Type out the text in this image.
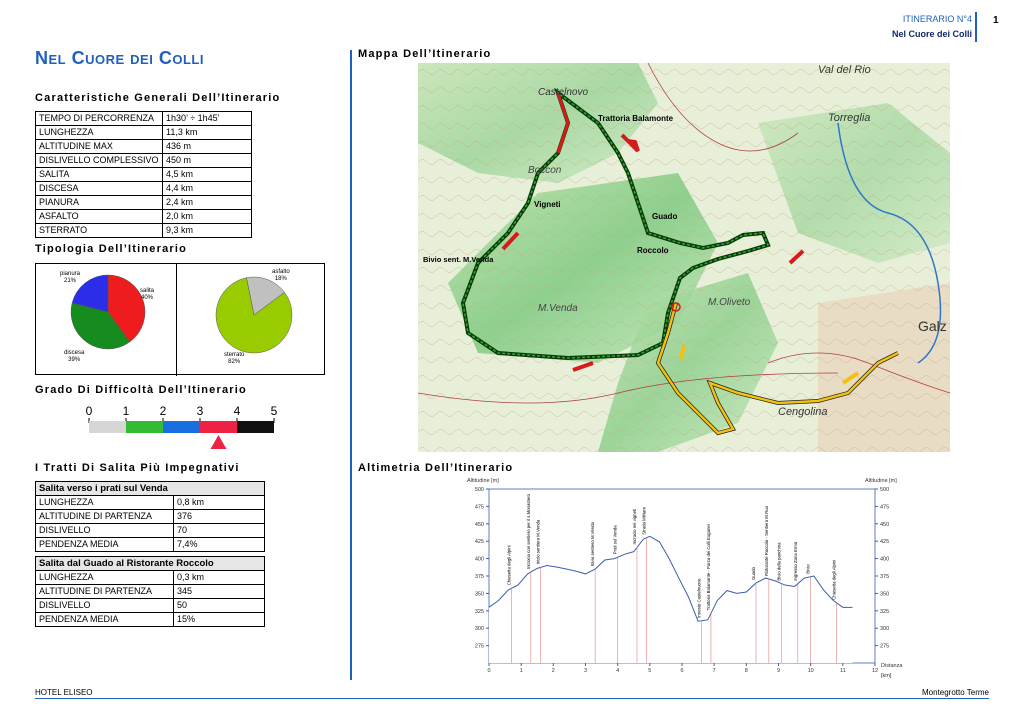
ITINERARIO N°4
Nel Cuore dei Colli
1
Nel Cuore dei Colli
Caratteristiche Generali Dell’Itinerario
TEMPO DI PERCORRENZA	1h30’ ÷ 1h45’
LUNGHEZZA	11,3 km
ALTITUDINE MAX	436 m
DISLIVELLO COMPLESSIVO	450 m
SALITA	4,5 km
DISCESA	4,4 km
PIANURA	2,4 km
ASFALTO	2,0 km
STERRATO	9,3 km
Tipologia Dell’Itinerario
pianura
21%
salita
40%
discesa
39%
asfalto
18%
sterrato
82%
Grado Di Difficoltà Dell’Itinerario
0	1	2	3	4	5
I Tratti Di Salita Più Impegnativi
Salita verso i prati sul Venda	
LUNGHEZZA	0,8 km
ALTITUDINE DI PARTENZA	376
DISLIVELLO	70
PENDENZA MEDIA	7,4%
Salita dal Guado al Ristorante Roccolo	
LUNGHEZZA	0,3 km
ALTITUDINE DI PARTENZA	345
DISLIVELLO	50
PENDENZA MEDIA	15%
Mappa Dell’Itinerario
Trattoria Balamonte
Vigneti
Guado
Roccolo
Bivio sent. M.Venda
Castelnovo
Val del Rio
Torreglia
Galz
M.Venda
Cengolina
Boccon
M.Oliveto
Altimetria Dell’Itinerario
500	500
475	475
450	450
425	425
400	400
375	375
350	350
325	325
300	300
275	275
0	1	2	3	4	5	6	7	8	9	10	11	12
Chiesetta degli Alpini	Incrocio con sentiero per il s.Monastero Inizio sentiero M.Venda	Bivio sentiero M.Venda	Prati sul Venda	Incrocio nei vigneti Strada Militare
Innesto Castelnuovo Trattoria Balamonte - Parco dei Colli Euganei	Guado Ristorante Roccolo - Sentiero M.Rua Bivio della panchina	Ingresso Zona Ermo Bivio	Chiesetta degli Alpini
Altitudine [m]	Altitudine [m]
Distanza
[km]
HOTEL ELISEO	Montegrotto Terme
